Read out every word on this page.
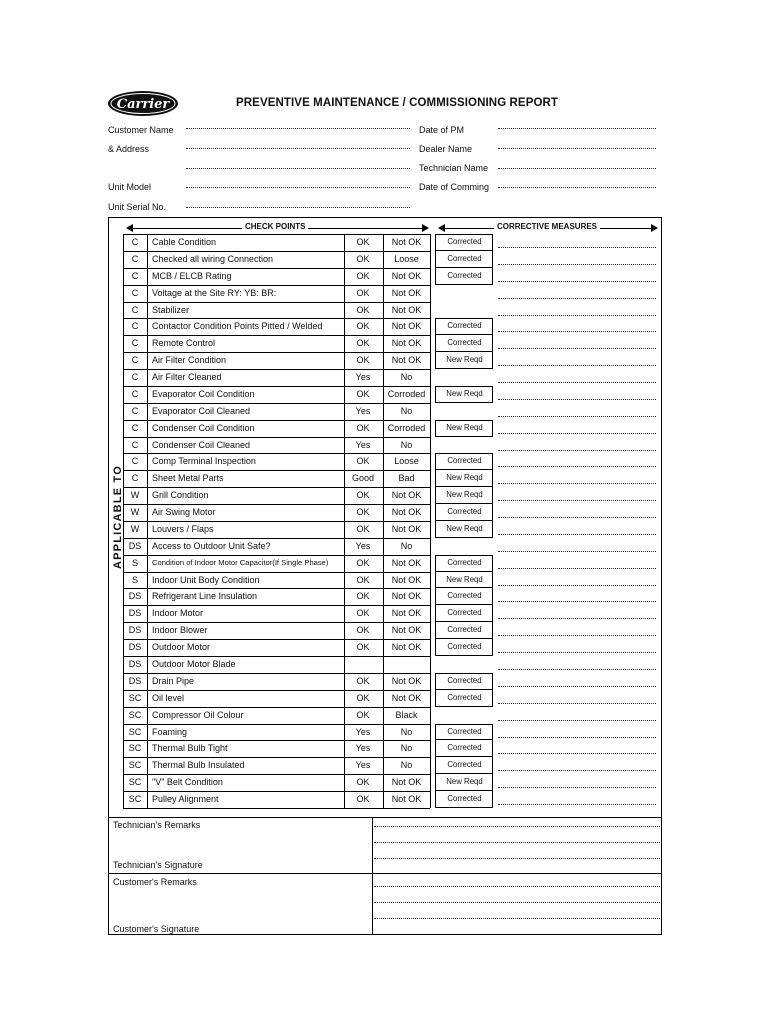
Carrier	PREVENTIVE MAINTENANCE / COMMISSIONING REPORT
Customer Name
& Address
Unit Model
Unit Serial No.
Date of PM
Dealer Name
Technician Name
Date of Comming
APPLICABLE TO
CHECK POINTS	CORRECTIVE MEASURES
C	Cable Condition	OK	Not OK	Corrected
C	Checked all wiring Connection	OK	Loose	Corrected
C	MCB / ELCB Rating	OK	Not OK	Corrected
C	Voltage at the Site RY: YB: BR:	OK	Not OK
C	Stabilizer	OK	Not OK
C	Contactor Condition Points Pitted / Welded	OK	Not OK	Corrected
C	Remote Control	OK	Not OK	Corrected
C	Air Filter Condition	OK	Not OK	New Reqd
C	Air Filter Cleaned	Yes	No
C	Evaporator Coil Condition	OK	Corroded	New Reqd
C	Evaporator Coil Cleaned	Yes	No
C	Condenser Coil Condition	OK	Corroded	New Reqd
C	Condenser Coil Cleaned	Yes	No
C	Comp Terminal Inspection	OK	Loose	Corrected
C	Sheet Metal Parts	Good	Bad	New Reqd
W	Grill Condition	OK	Not OK	New Reqd
W	Air Swing Motor	OK	Not OK	Corrected
W	Louvers / Flaps	OK	Not OK	New Reqd
DS	Access to Outdoor Unit Safe?	Yes	No
S	Condition of Indoor Motor Capacitor(If Single Phase)	OK	Not OK	Corrected
S	Indoor Unit Body Condition	OK	Not OK	New Reqd
DS	Refrigerant Line Insulation	OK	Not OK	Corrected
DS	Indoor Motor	OK	Not OK	Corrected
DS	Indoor Blower	OK	Not OK	Corrected
DS	Outdoor Motor	OK	Not OK	Corrected
DS	Outdoor Motor Blade
DS	Drain Pipe	OK	Not OK	Corrected
SC	Oil level	OK	Not OK	Corrected
SC	Compressor Oil Colour	OK	Black
SC	Foaming	Yes	No	Corrected
SC	Thermal Bulb Tight	Yes	No	Corrected
SC	Thermal Bulb Insulated	Yes	No	Corrected
SC	"V" Belt Condition	OK	Not OK	New Reqd
SC	Pulley Alignment	OK	Not OK	Corrected
Technician's Remarks
Technician's Signature
Customer's Remarks
Customer's Signature
